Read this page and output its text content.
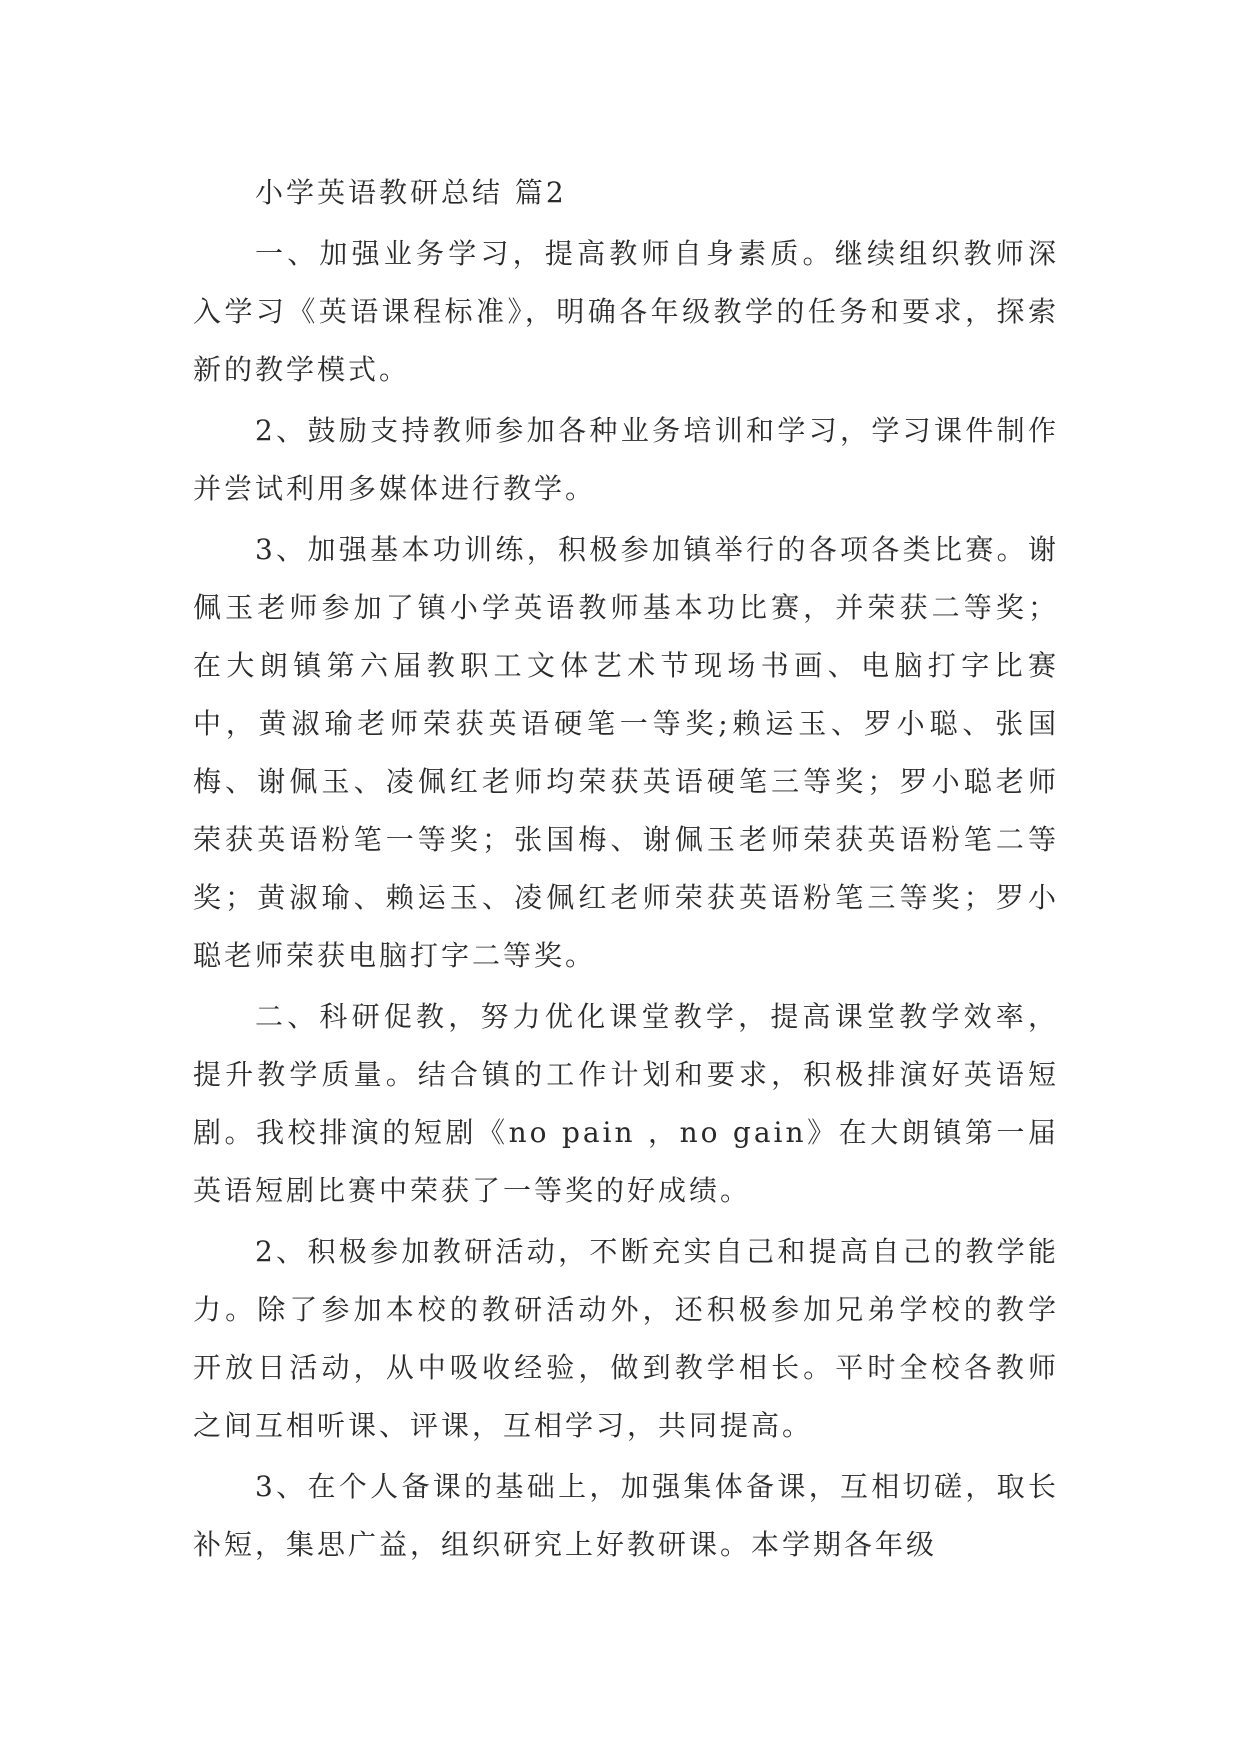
小学英语教研总结 篇2

一、加强业务学习，提高教师自身素质。继续组织教师深入学习《英语课程标准》，明确各年级教学的任务和要求，探索新的教学模式。

2、鼓励支持教师参加各种业务培训和学习，学习课件制作并尝试利用多媒体进行教学。

3、加强基本功训练，积极参加镇举行的各项各类比赛。谢佩玉老师参加了镇小学英语教师基本功比赛，并荣获二等奖；在大朗镇第六届教职工文体艺术节现场书画、电脑打字比赛中，黄淑瑜老师荣获英语硬笔一等奖;赖运玉、罗小聪、张国梅、谢佩玉、凌佩红老师均荣获英语硬笔三等奖；罗小聪老师荣获英语粉笔一等奖；张国梅、谢佩玉老师荣获英语粉笔二等奖；黄淑瑜、赖运玉、凌佩红老师荣获英语粉笔三等奖；罗小聪老师荣获电脑打字二等奖。

二、科研促教，努力优化课堂教学，提高课堂教学效率，提升教学质量。结合镇的工作计划和要求，积极排演好英语短剧。我校排演的短剧《no pain ，no gain》在大朗镇第一届英语短剧比赛中荣获了一等奖的好成绩。

2、积极参加教研活动，不断充实自己和提高自己的教学能力。除了参加本校的教研活动外，还积极参加兄弟学校的教学开放日活动，从中吸收经验，做到教学相长。平时全校各教师之间互相听课、评课，互相学习，共同提高。

3、在个人备课的基础上，加强集体备课，互相切磋，取长补短，集思广益，组织研究上好教研课。本学期各年级
